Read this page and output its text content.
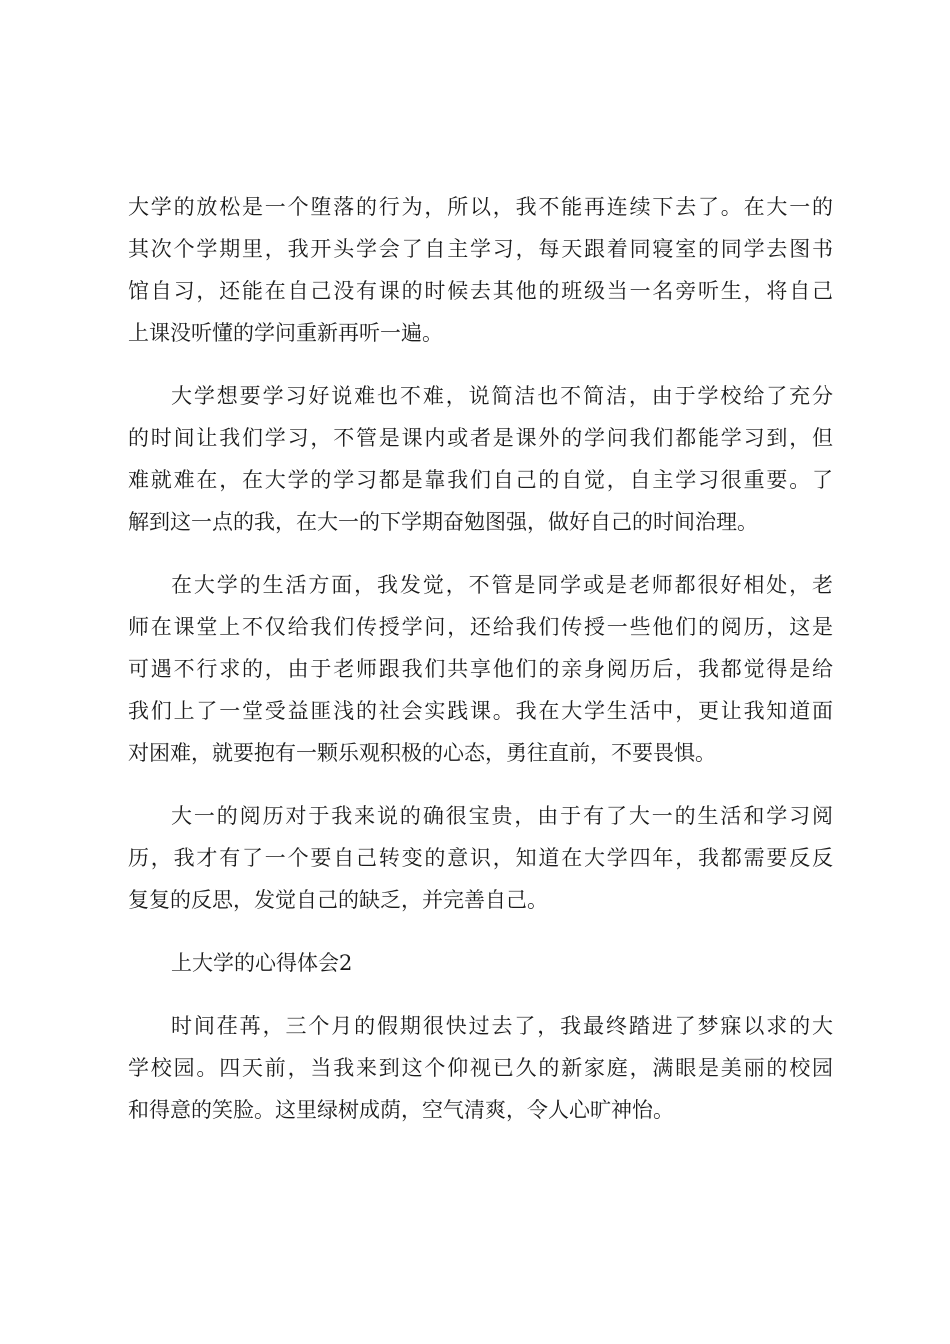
大学的放松是一个堕落的行为，所以，我不能再连续下去了。在大一的
其次个学期里，我开头学会了自主学习，每天跟着同寝室的同学去图书
馆自习，还能在自己没有课的时候去其他的班级当一名旁听生，将自己
上课没听懂的学问重新再听一遍。
大学想要学习好说难也不难，说简洁也不简洁，由于学校给了充分
的时间让我们学习，不管是课内或者是课外的学问我们都能学习到，但
难就难在，在大学的学习都是靠我们自己的自觉，自主学习很重要。了
解到这一点的我，在大一的下学期奋勉图强，做好自己的时间治理。
在大学的生活方面，我发觉，不管是同学或是老师都很好相处，老
师在课堂上不仅给我们传授学问，还给我们传授一些他们的阅历，这是
可遇不行求的，由于老师跟我们共享他们的亲身阅历后，我都觉得是给
我们上了一堂受益匪浅的社会实践课。我在大学生活中，更让我知道面
对困难，就要抱有一颗乐观积极的心态，勇往直前，不要畏惧。
大一的阅历对于我来说的确很宝贵，由于有了大一的生活和学习阅
历，我才有了一个要自己转变的意识，知道在大学四年，我都需要反反
复复的反思，发觉自己的缺乏，并完善自己。
上大学的心得体会2
时间荏苒，三个月的假期很快过去了，我最终踏进了梦寐以求的大
学校园。四天前，当我来到这个仰视已久的新家庭，满眼是美丽的校园
和得意的笑脸。这里绿树成荫，空气清爽，令人心旷神怡。
